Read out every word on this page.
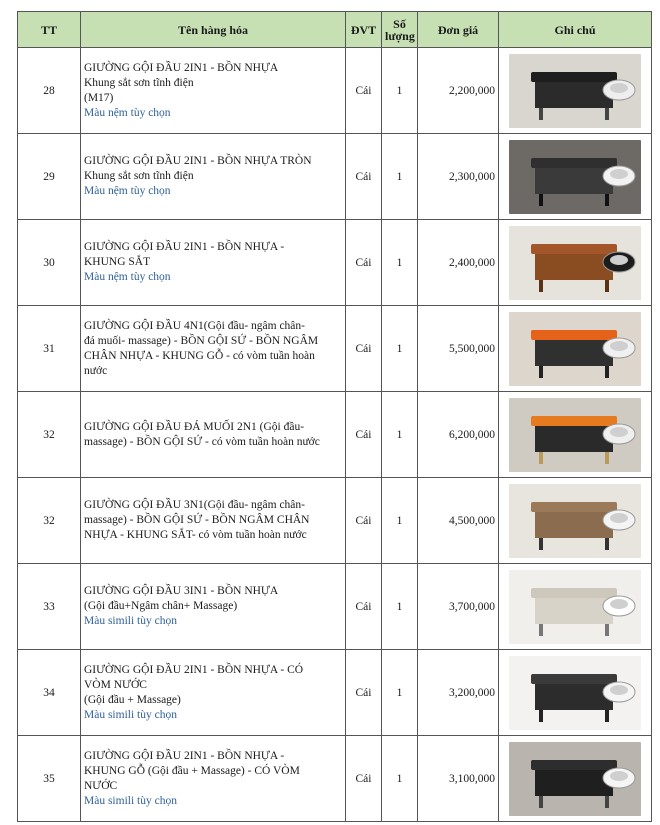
TT	Tên hàng hóa	ĐVT	Số lượng	Đơn giá	Ghi chú
28	GIƯỜNG GỘI ĐẦU 2IN1 - BỒN NHỰA
Khung sắt sơn tĩnh điện
(M17)
Màu nệm tùy chọn	Cái	1	2,200,000	

29	GIƯỜNG GỘI ĐẦU 2IN1 - BỒN NHỰA TRÒN
Khung sắt sơn tĩnh điện
Màu nệm tùy chọn	Cái	1	2,300,000	

30	GIƯỜNG GỘI ĐẦU 2IN1 - BỒN NHỰA -
KHUNG SẮT
Màu nệm tùy chọn	Cái	1	2,400,000	

31	GIƯỜNG GỘI ĐẦU 4N1(Gội đầu- ngâm chân-
đá muối- massage) - BỒN GỘI SỨ - BỒN NGÂM
CHÂN NHỰA - KHUNG GỖ - có vòm tuần hoàn
nước	Cái	1	5,500,000	

32	GIƯỜNG GỘI ĐẦU ĐÁ MUỐI 2N1 (Gội đầu-
massage) - BỒN GỘI SỨ - có vòm tuần hoàn nước	Cái	1	6,200,000	

32	GIƯỜNG GỘI ĐẦU 3N1(Gội đầu- ngâm chân-
massage) - BỒN GỘI SỨ - BỒN NGÂM CHÂN
NHỰA - KHUNG SẮT- có vòm tuần hoàn nước	Cái	1	4,500,000	

33	GIƯỜNG GỘI ĐẦU 3IN1 - BỒN NHỰA
(Gội đầu+Ngâm chân+ Massage)
Màu simili tùy chọn	Cái	1	3,700,000	

34	GIƯỜNG GỘI ĐẦU 2IN1 - BỒN NHỰA - CÓ
VÒM NƯỚC
(Gội đầu + Massage)
Màu simili tùy chọn	Cái	1	3,200,000	

35	GIƯỜNG GỘI ĐẦU 2IN1 - BỒN NHỰA -
KHUNG GỖ (Gội đầu + Massage) - CÓ VÒM
NƯỚC
Màu simili tùy chọn	Cái	1	3,100,000	
